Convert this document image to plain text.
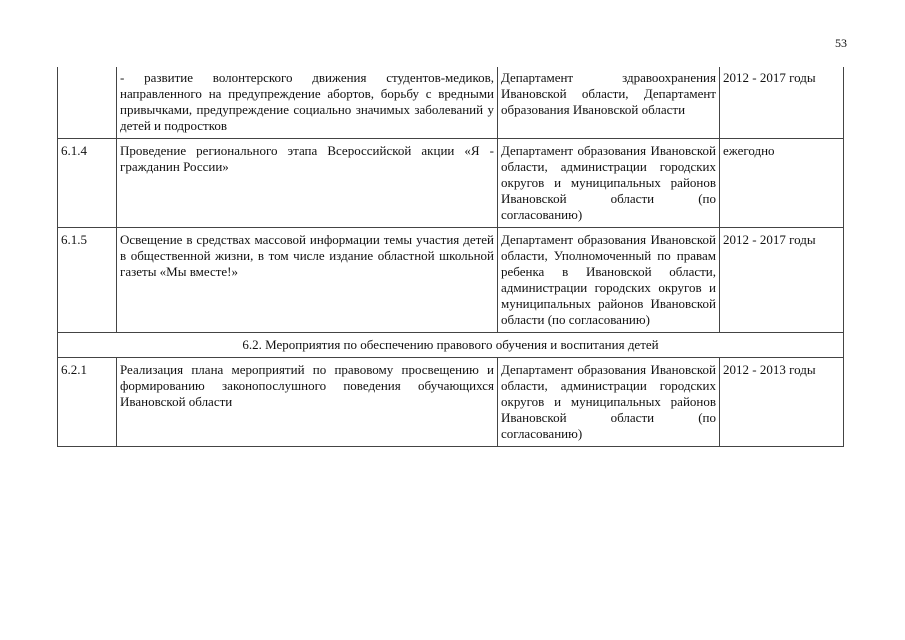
53
	- развитие волонтерского движения студентов-медиков, направленного на предупреждение абортов, борьбу с вредными привычками, предупреждение социально значимых заболеваний у детей и подростков	Департамент здравоохранения Ивановской области, Департамент образования Ивановской области	2012 - 2017 годы
6.1.4	Проведение регионального этапа Всероссийской акции «Я - гражданин России»	Департамент образования Ивановской области, администрации городских округов и муниципальных районов Ивановской области (по согласованию)	ежегодно
6.1.5	Освещение в средствах массовой информации темы участия детей в общественной жизни, в том числе издание областной школьной газеты «Мы вместе!»	Департамент образования Ивановской области, Уполномоченный по правам ребенка в Ивановской области, администрации городских округов и муниципальных районов Ивановской области (по согласованию)	2012 - 2017 годы
6.2. Мероприятия по обеспечению правового обучения и воспитания детей			
6.2.1	Реализация плана мероприятий по правовому просвещению и формированию законопослушного поведения обучающихся Ивановской области	Департамент образования Ивановской области, администрации городских округов и муниципальных районов Ивановской области (по согласованию)	2012 - 2013 годы
